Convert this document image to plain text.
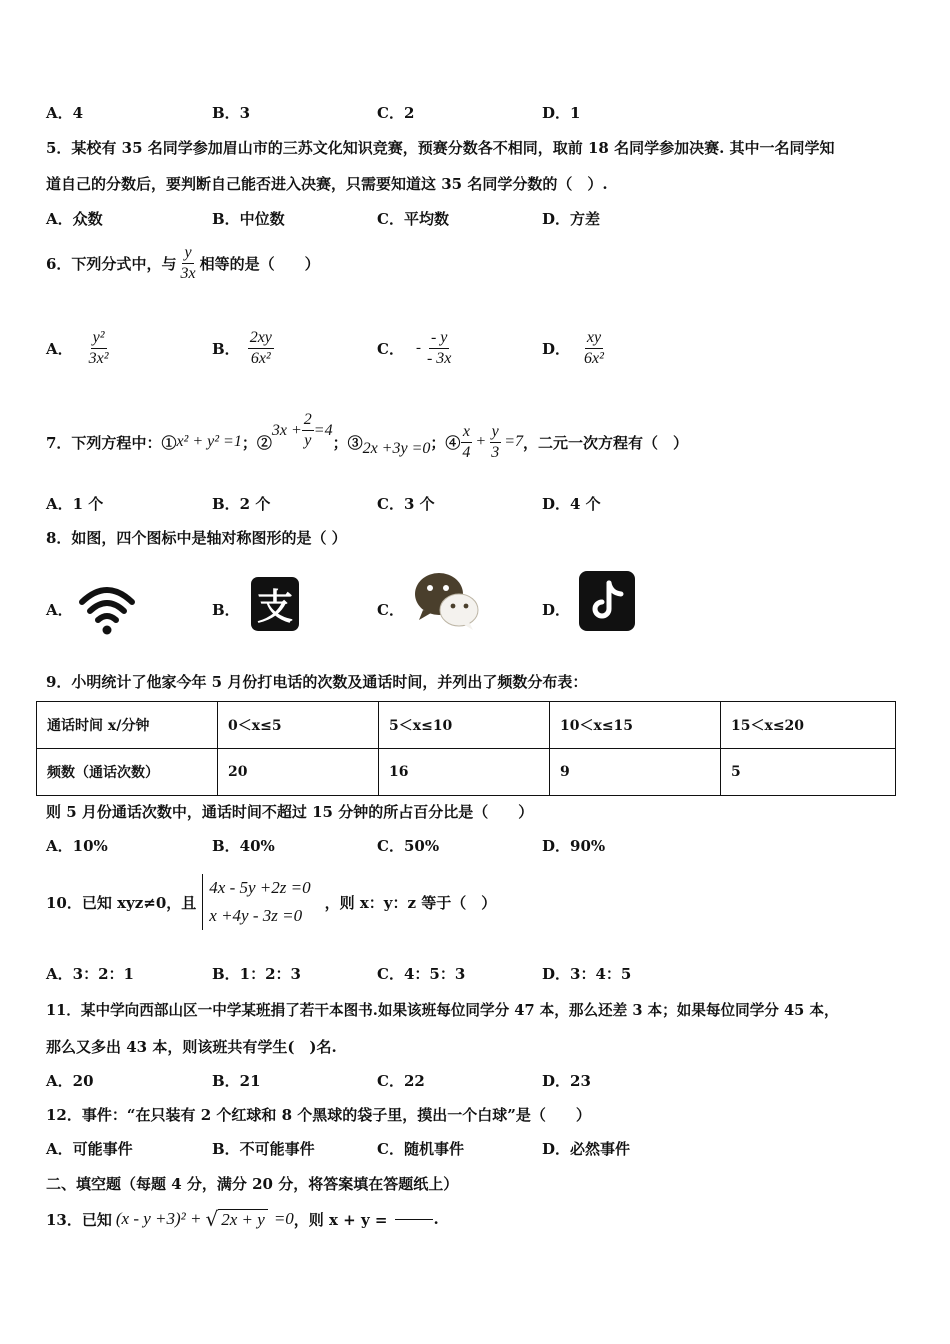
A．4	B．3	C．2	D．1
5．某校有 35 名同学参加眉山市的三苏文化知识竞赛，预赛分数各不相同，取前 18 名同学参加决赛. 其中一名同学知
道自己的分数后，要判断自己能否进入决赛，只需要知道这 35 名同学分数的（　）.
A．众数	B．中位数	C．平均数	D．方差
6．下列分式中，与 $\frac{y}{3x}$ 相等的是（　　）
A． $\frac{\text{y²}}{\text{3x²}}$	B． $\frac{2xy}{\text{6x²}}$	C． - $\frac{- y}{- 3x}$	D． $\frac{xy}{\text{6x²}}$
7．下列方程中：① x² + y² =1 ；②
$3x + \frac{2}{y} =4$
；③ 2x +3y =0 ；④ $\frac{x}{4} + \frac{y}{3} =7$ ，二元一次方程有（　）
A．1 个	B．2 个	C．3 个	D．4 个
8．如图，四个图标中是轴对称图形的是（ ）
A．	B．	C．	D．
支
9．小明统计了他家今年 5 月份打电话的次数及通话时间，并列出了频数分布表：
通话时间 x/分钟	0＜x≤5	5＜x≤10	10＜x≤15	15＜x≤20
频数（通话次数）	20	16	9	5
则 5 月份通话次数中，通话时间不超过 15 分钟的所占百分比是（　　）
A．10%	B．40%	C．50%	D．90%
10．已知 xyz≠0，且
4x - 5y +2z =0
x +4y - 3z =0
，则 x：y：z 等于（　）
A．3：2：1	B．1：2：3	C．4：5：3	D．3：4：5
11．某中学向西部山区一中学某班捐了若干本图书.如果该班每位同学分 47 本，那么还差 3 本；如果每位同学分 45 本，
那么又多出 43 本，则该班共有学生(　)名.
A．20	B．21	C．22	D．23
12．事件：“在只装有 2 个红球和 8 个黑球的袋子里，摸出一个白球”是（　　）
A．可能事件	B．不可能事件	C．随机事件	D．必然事件
二、填空题（每题 4 分，满分 20 分，将答案填在答题纸上）
13．已知 (x - y +3)² + √ 2x + y =0 ，则 x + y =	.
